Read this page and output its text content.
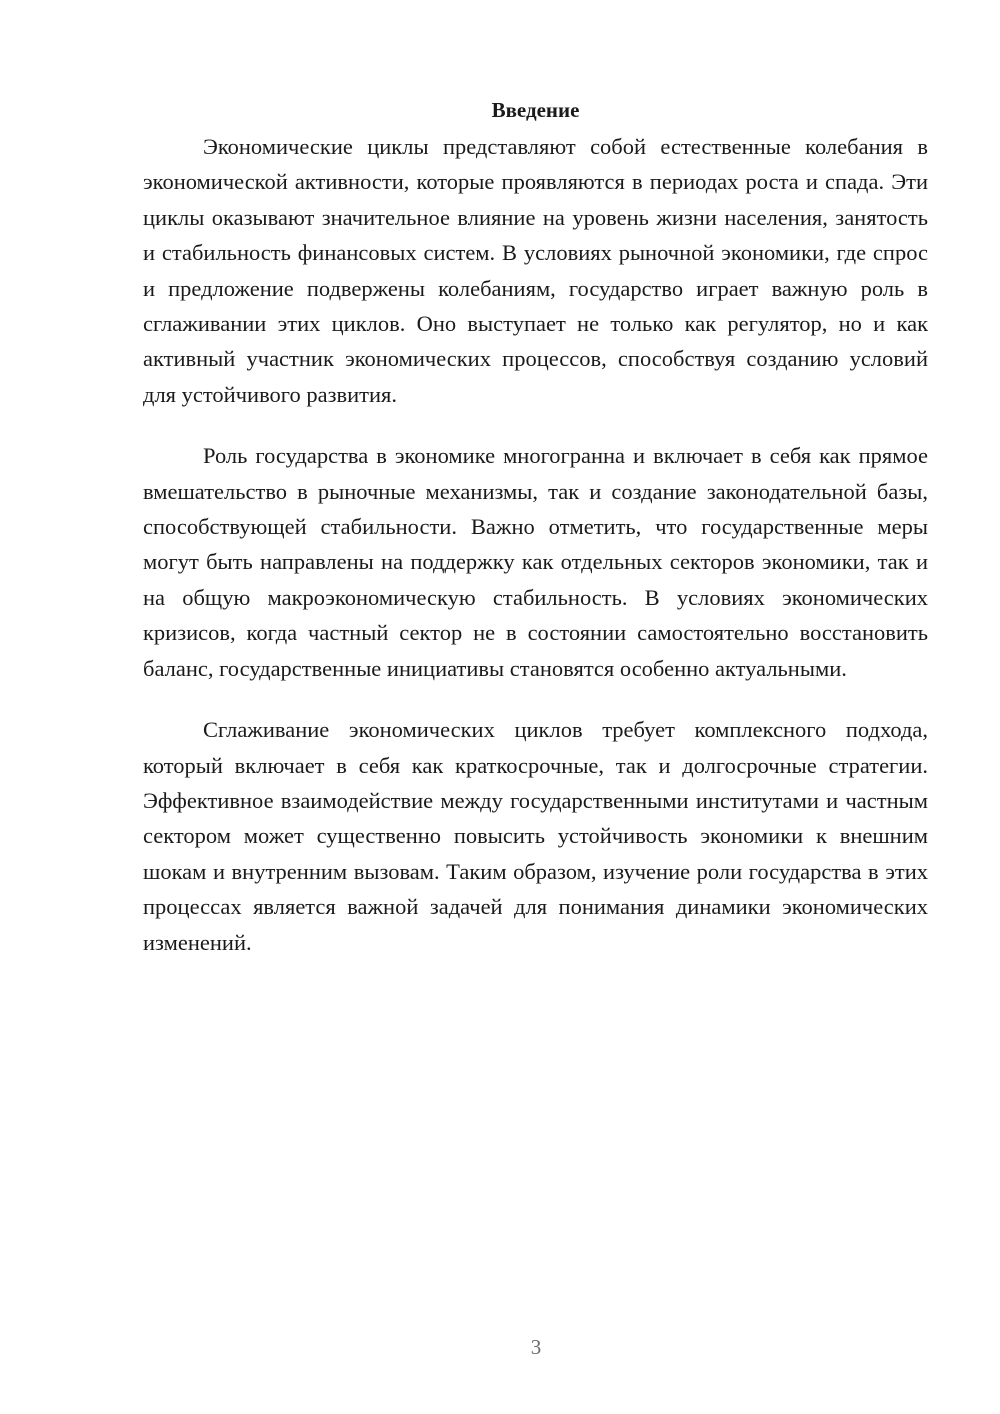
Введение

Экономические циклы представляют собой естественные колебания в экономической активности, которые проявляются в периодах роста и спада. Эти циклы оказывают значительное влияние на уровень жизни населения, занятость и стабильность финансовых систем. В условиях рыночной экономики, где спрос и предложение подвержены колебаниям, государство играет важную роль в сглаживании этих циклов. Оно выступает не только как регулятор, но и как активный участник экономических процессов, способствуя созданию условий для устойчивого развития.

Роль государства в экономике многогранна и включает в себя как прямое вмешательство в рыночные механизмы, так и создание законодательной базы, способствующей стабильности. Важно отметить, что государственные меры могут быть направлены на поддержку как отдельных секторов экономики, так и на общую макроэкономическую стабильность. В условиях экономических кризисов, когда частный сектор не в состоянии самостоятельно восстановить баланс, государственные инициативы становятся особенно актуальными.

Сглаживание экономических циклов требует комплексного подхода, который включает в себя как краткосрочные, так и долгосрочные стратегии. Эффективное взаимодействие между государственными институтами и частным сектором может существенно повысить устойчивость экономики к внешним шокам и внутренним вызовам. Таким образом, изучение роли государства в этих процессах является важной задачей для понимания динамики экономических изменений.

3
